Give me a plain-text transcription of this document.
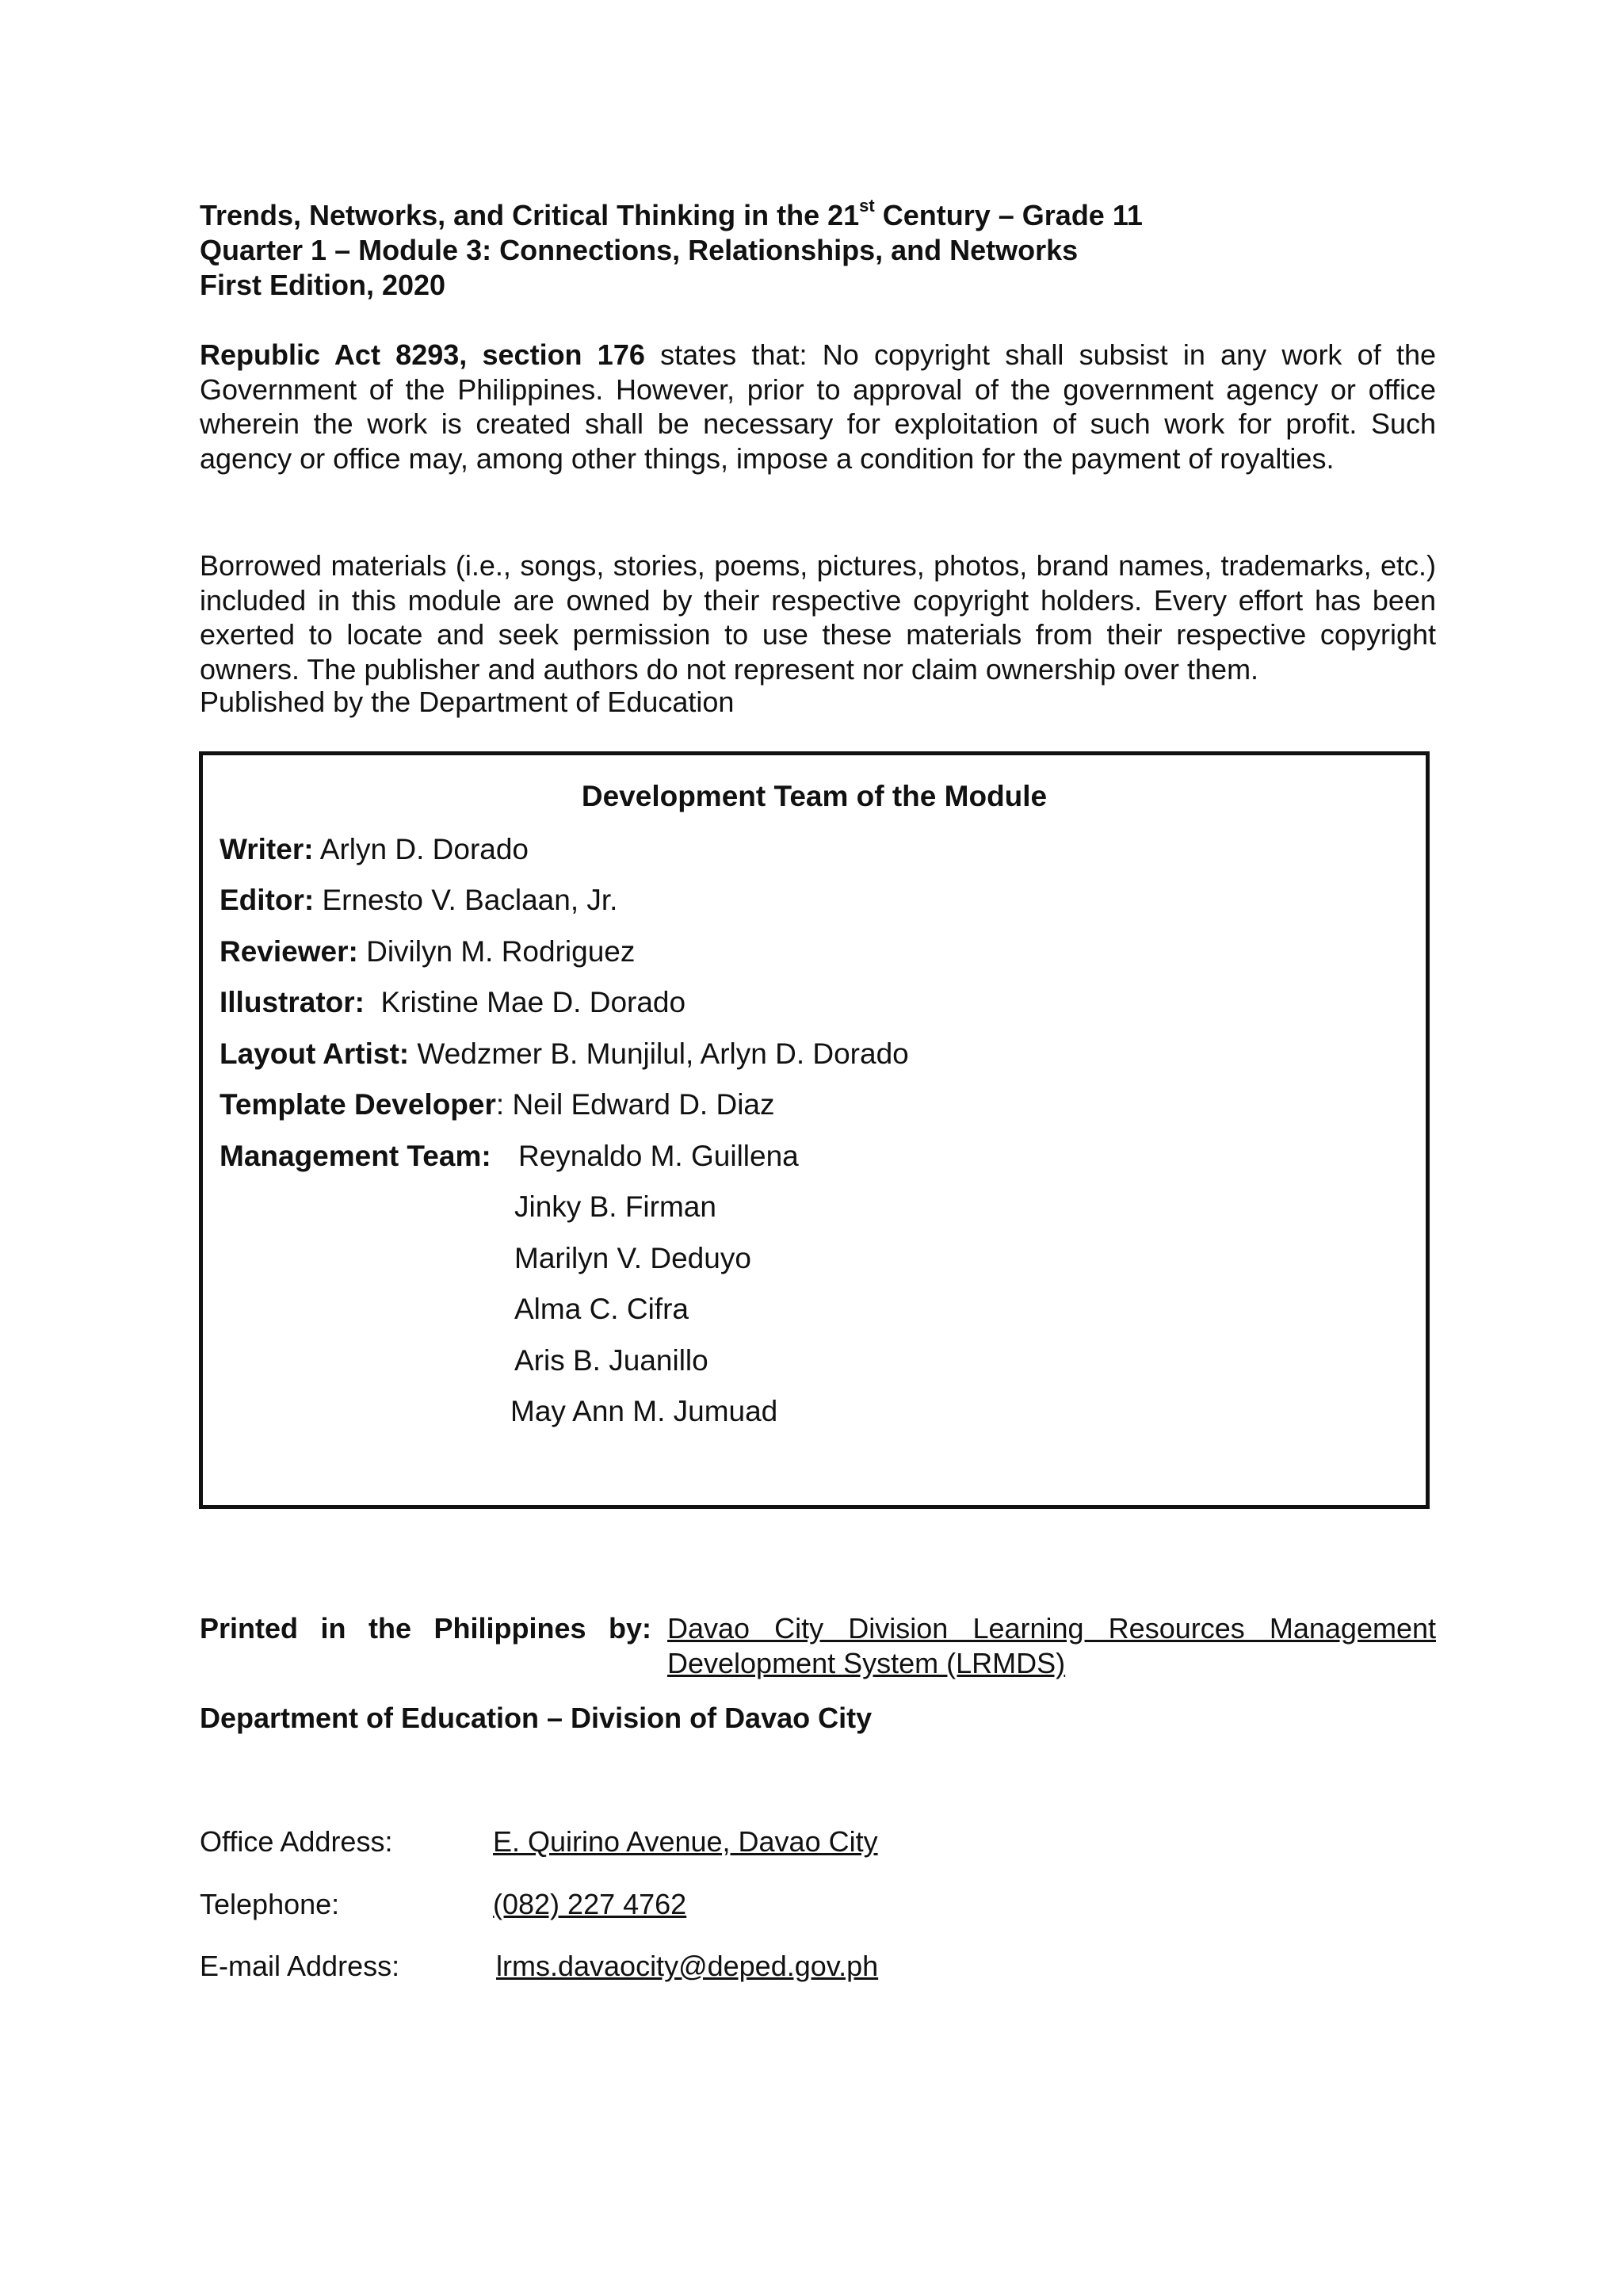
Trends, Networks, and Critical Thinking in the 21st Century – Grade 11
Quarter 1 – Module 3: Connections, Relationships, and Networks
First Edition, 2020

Republic Act 8293, section 176 states that: No copyright shall subsist in any work of the Government of the Philippines. However, prior to approval of the government agency or office wherein the work is created shall be necessary for exploitation of such work for profit. Such agency or office may, among other things, impose a condition for the payment of royalties.

Borrowed materials (i.e., songs, stories, poems, pictures, photos, brand names, trademarks, etc.) included in this module are owned by their respective copyright holders. Every effort has been exerted to locate and seek permission to use these materials from their respective copyright owners. The publisher and authors do not represent nor claim ownership over them.

Published by the Department of Education

Development Team of the Module
Writer: Arlyn D. Dorado
Editor: Ernesto V. Baclaan, Jr.
Reviewer: Divilyn M. Rodriguez
Illustrator:  Kristine Mae D. Dorado
Layout Artist: Wedzmer B. Munjilul, Arlyn D. Dorado
Template Developer: Neil Edward D. Diaz
Management Team: Reynaldo M. Guillena
Jinky B. Firman
Marilyn V. Deduyo
Alma C. Cifra
Aris B. Juanillo
May Ann M. Jumuad
Printed in the Philippines by: Davao City Division Learning Resources Management Development System (LRMDS)
Department of Education – Division of Davao City
Office Address:	E. Quirino Avenue, Davao City
Telephone:	(082) 227 4762
E-mail Address:	lrms.davaocity@deped.gov.ph
